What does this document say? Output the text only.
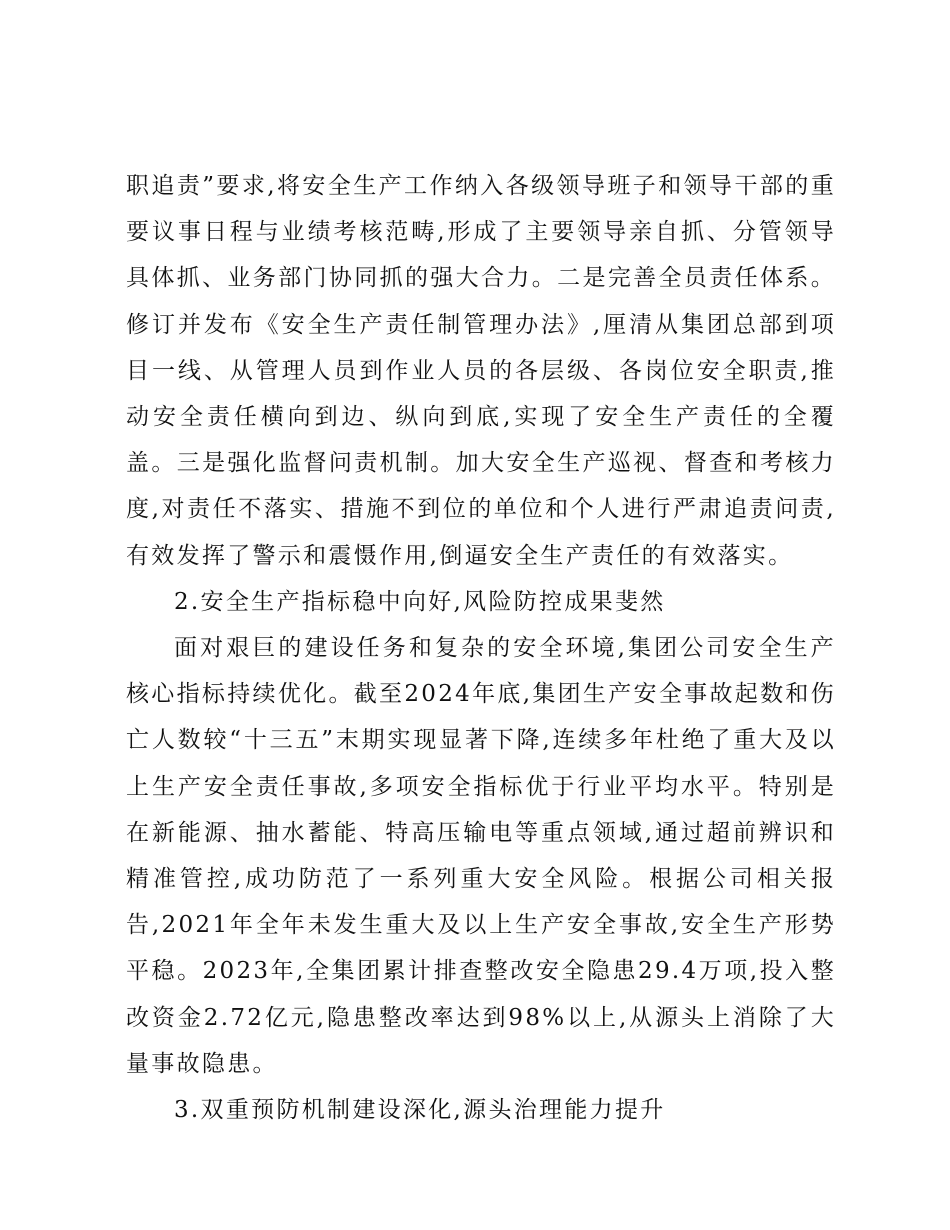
职追责”要求,将安全生产工作纳入各级领导班子和领导干部的重要议事日程与业绩考核范畴,形成了主要领导亲自抓、分管领导具体抓、业务部门协同抓的强大合力。二是完善全员责任体系。修订并发布《安全生产责任制管理办法》,厘清从集团总部到项目一线、从管理人员到作业人员的各层级、各岗位安全职责,推动安全责任横向到边、纵向到底,实现了安全生产责任的全覆盖。三是强化监督问责机制。加大安全生产巡视、督查和考核力度,对责任不落实、措施不到位的单位和个人进行严肃追责问责,有效发挥了警示和震慑作用,倒逼安全生产责任的有效落实。

2.安全生产指标稳中向好,风险防控成果斐然

面对艰巨的建设任务和复杂的安全环境,集团公司安全生产核心指标持续优化。截至2024年底,集团生产安全事故起数和伤亡人数较“十三五”末期实现显著下降,连续多年杜绝了重大及以上生产安全责任事故,多项安全指标优于行业平均水平。特别是在新能源、抽水蓄能、特高压输电等重点领域,通过超前辨识和精准管控,成功防范了一系列重大安全风险。根据公司相关报告,2021年全年未发生重大及以上生产安全事故,安全生产形势平稳。2023年,全集团累计排查整改安全隐患29.4万项,投入整改资金2.72亿元,隐患整改率达到98%以上,从源头上消除了大量事故隐患。

3.双重预防机制建设深化,源头治理能力提升
